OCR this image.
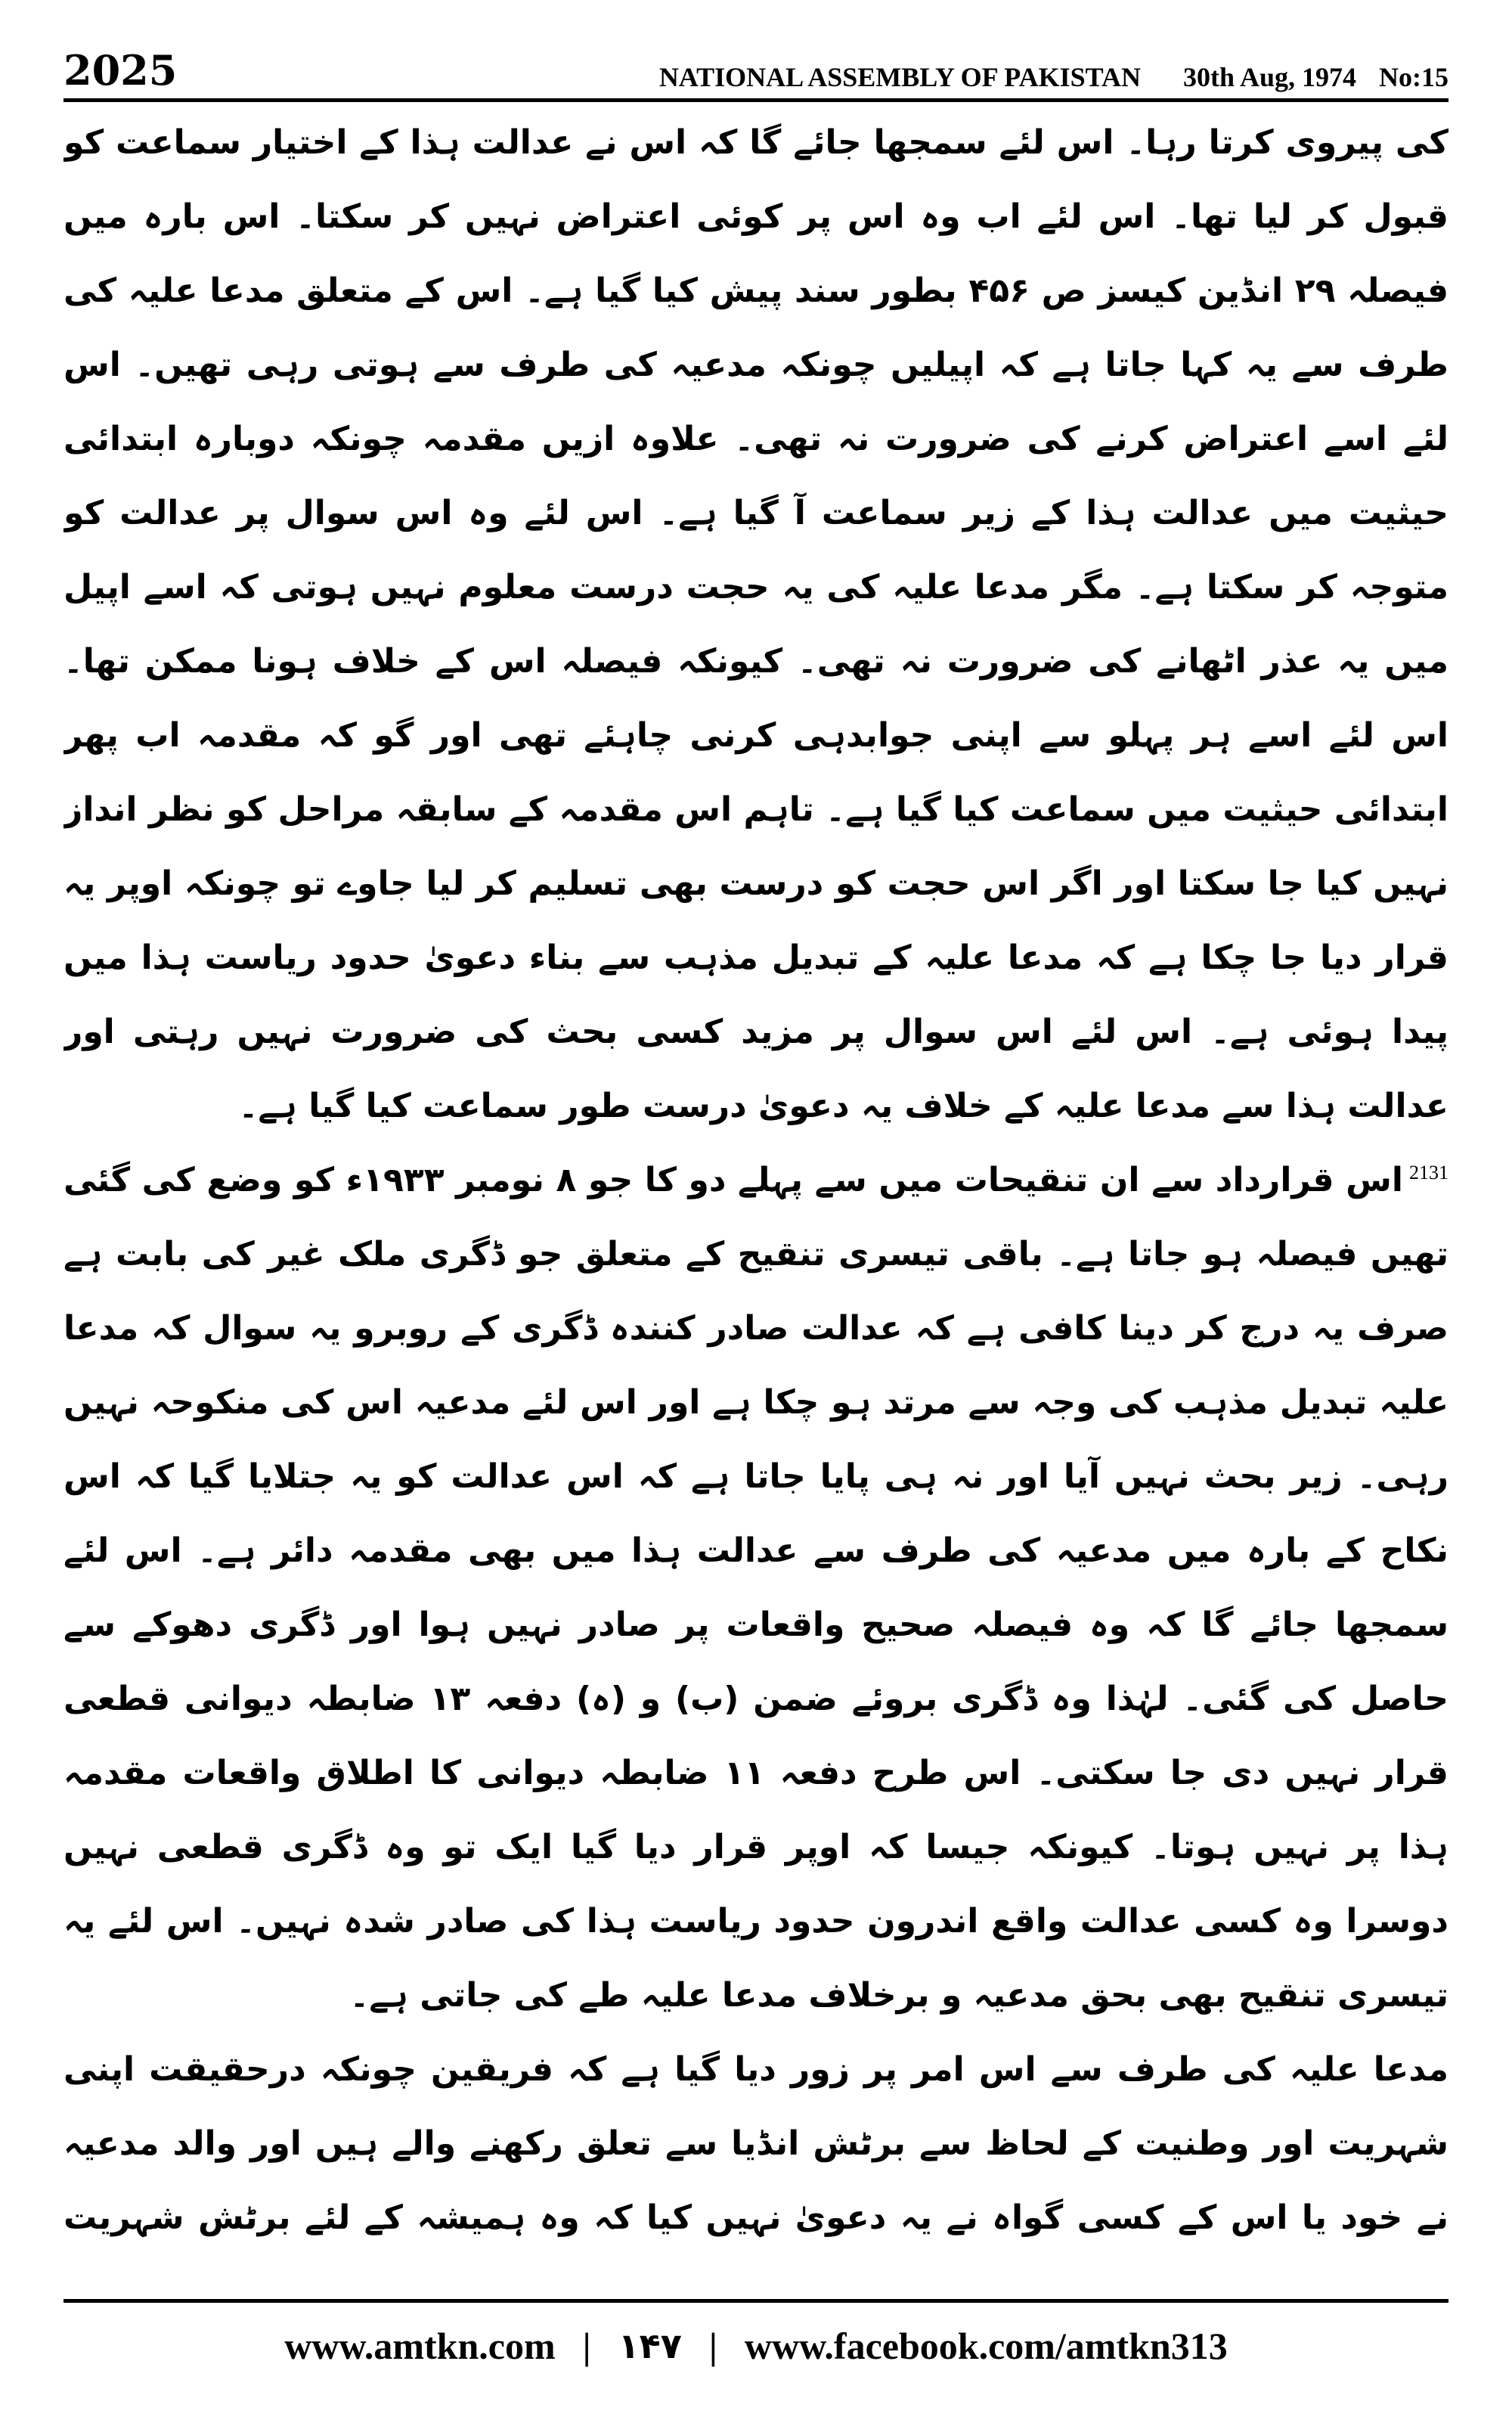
2025	NATIONAL ASSEMBLY OF PAKISTAN 30th Aug, 1974 No:15

کی پیروی کرتا رہا۔ اس لئے سمجھا جائے گا کہ اس نے عدالت ہذا کے اختیار سماعت کو قبول کر لیا تھا۔ اس لئے اب وہ اس پر کوئی اعتراض نہیں کر سکتا۔ اس بارہ میں فیصلہ ۲۹ انڈین کیسز ص ۴۵۶ بطور سند پیش کیا گیا ہے۔ اس کے متعلق مدعا علیہ کی طرف سے یہ کہا جاتا ہے کہ اپیلیں چونکہ مدعیہ کی طرف سے ہوتی رہی تھیں۔ اس لئے اسے اعتراض کرنے کی ضرورت نہ تھی۔ علاوہ ازیں مقدمہ چونکہ دوبارہ ابتدائی حیثیت میں عدالت ہذا کے زیر سماعت آ گیا ہے۔ اس لئے وہ اس سوال پر عدالت کو متوجہ کر سکتا ہے۔ مگر مدعا علیہ کی یہ حجت درست معلوم نہیں ہوتی کہ اسے اپیل میں یہ عذر اٹھانے کی ضرورت نہ تھی۔ کیونکہ فیصلہ اس کے خلاف ہونا ممکن تھا۔ اس لئے اسے ہر پہلو سے اپنی جوابدہی کرنی چاہئے تھی اور گو کہ مقدمہ اب پھر ابتدائی حیثیت میں سماعت کیا گیا ہے۔ تاہم اس مقدمہ کے سابقہ مراحل کو نظر انداز نہیں کیا جا سکتا اور اگر اس حجت کو درست بھی تسلیم کر لیا جاوے تو چونکہ اوپر یہ قرار دیا جا چکا ہے کہ مدعا علیہ کے تبدیل مذہب سے بناء دعویٰ حدود ریاست ہذا میں پیدا ہوئی ہے۔ اس لئے اس سوال پر مزید کسی بحث کی ضرورت نہیں رہتی اور عدالت ہذا سے مدعا علیہ کے خلاف یہ دعویٰ درست طور سماعت کیا گیا ہے۔

$^{2131}$اس قرارداد سے ان تنقیحات میں سے پہلے دو کا جو ۸ نومبر ۱۹۳۳ء کو وضع کی گئی تھیں فیصلہ ہو جاتا ہے۔ باقی تیسری تنقیح کے متعلق جو ڈگری ملک غیر کی بابت ہے صرف یہ درج کر دینا کافی ہے کہ عدالت صادر کنندہ ڈگری کے روبرو یہ سوال کہ مدعا علیہ تبدیل مذہب کی وجہ سے مرتد ہو چکا ہے اور اس لئے مدعیہ اس کی منکوحہ نہیں رہی۔ زیر بحث نہیں آیا اور نہ ہی پایا جاتا ہے کہ اس عدالت کو یہ جتلایا گیا کہ اس نکاح کے بارہ میں مدعیہ کی طرف سے عدالت ہذا میں بھی مقدمہ دائر ہے۔ اس لئے سمجھا جائے گا کہ وہ فیصلہ صحیح واقعات پر صادر نہیں ہوا اور ڈگری دھوکے سے حاصل کی گئی۔ لہٰذا وہ ڈگری بروئے ضمن (ب) و (ہ) دفعہ ۱۳ ضابطہ دیوانی قطعی قرار نہیں دی جا سکتی۔ اس طرح دفعہ ۱۱ ضابطہ دیوانی کا اطلاق واقعات مقدمہ ہذا پر نہیں ہوتا۔ کیونکہ جیسا کہ اوپر قرار دیا گیا ایک تو وہ ڈگری قطعی نہیں دوسرا وہ کسی عدالت واقع اندرون حدود ریاست ہذا کی صادر شدہ نہیں۔ اس لئے یہ تیسری تنقیح بھی بحق مدعیہ و برخلاف مدعا علیہ طے کی جاتی ہے۔

مدعا علیہ کی طرف سے اس امر پر زور دیا گیا ہے کہ فریقین چونکہ درحقیقت اپنی شہریت اور وطنیت کے لحاظ سے برٹش انڈیا سے تعلق رکھنے والے ہیں اور والد مدعیہ نے خود یا اس کے کسی گواہ نے یہ دعویٰ نہیں کیا کہ وہ ہمیشہ کے لئے برٹش شہریت

www.amtkn.com | ۱۴۷ | www.facebook.com/amtkn313
